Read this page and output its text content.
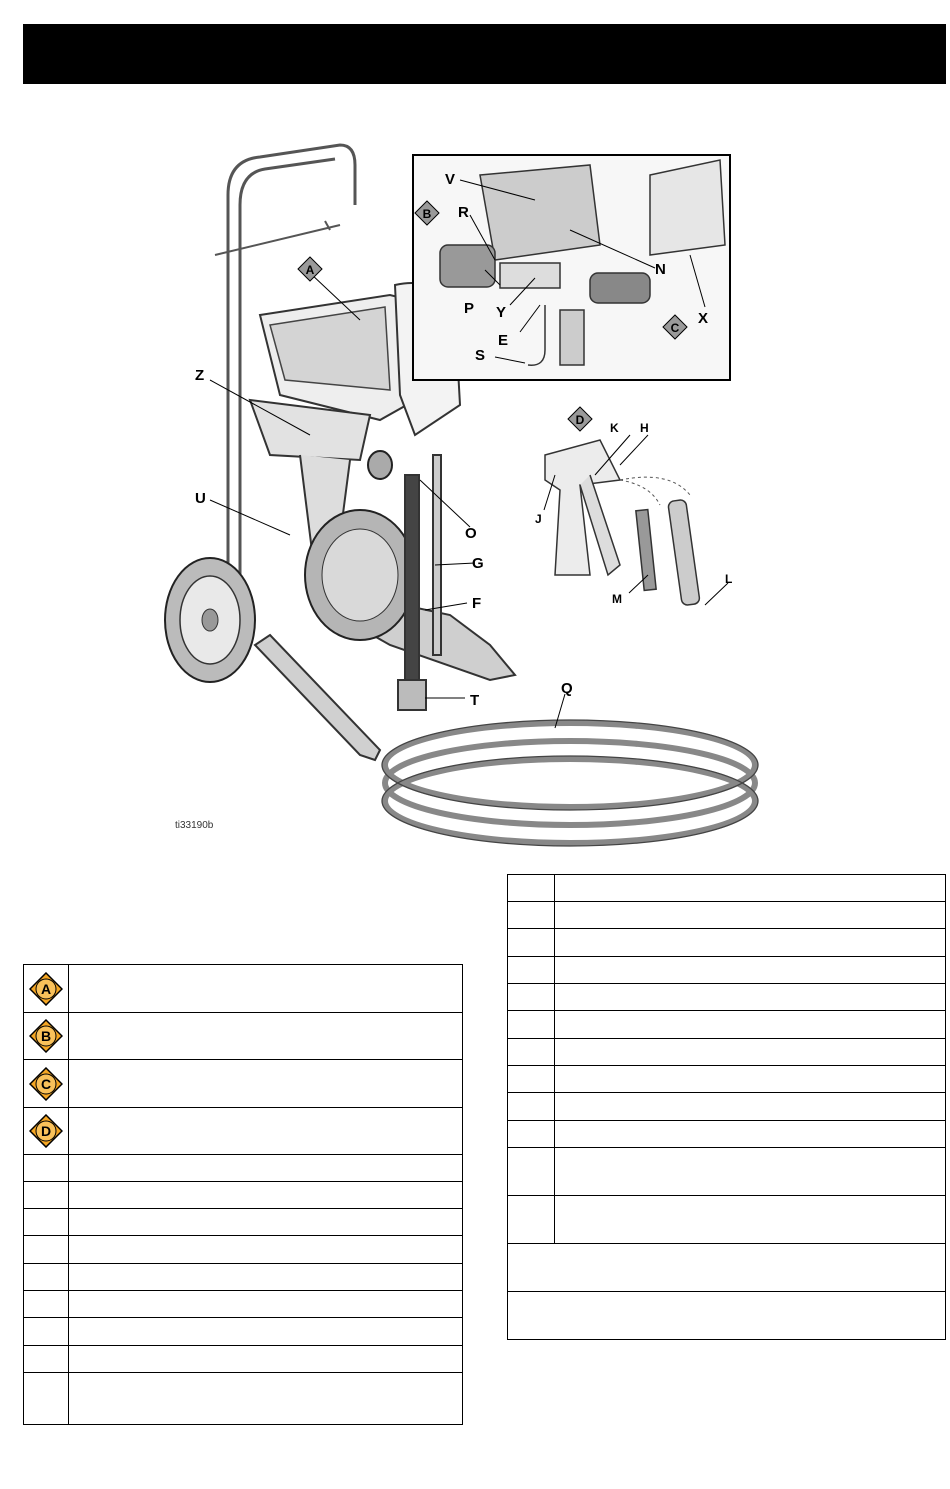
A
B
C
D
Z
U
O
G
F
T
Q
V
R
N
X
P Y
E
S
K H
J
M
L
ti33190b
A	

B	

C	

D	
